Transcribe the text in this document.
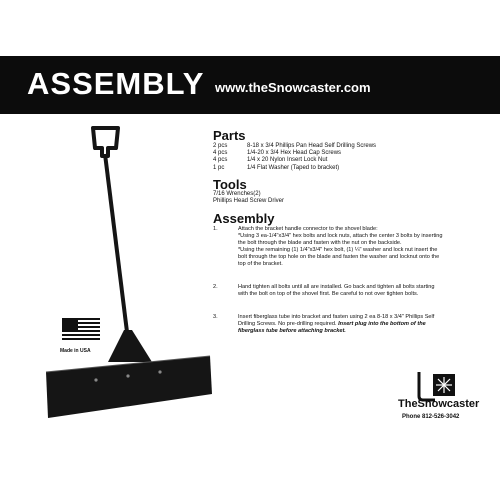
ASSEMBLY www.theSnowcaster.com
Made in USA
Parts
2 pcs	8-18 x 3/4 Phillips Pan Head Self Drilling Screws
4 pcs	1/4-20 x 3/4 Hex Head Cap Screws
4 pcs	1/4 x 20 Nylon Insert Lock Nut
1 pc	1/4 Flat Washer (Taped to bracket)
Tools
7/16 Wrenches(2)
Phillips Head Screw Driver
Assembly
1.	Attach the bracket handle connector to the shovel blade:

*Using 3 ea-1/4"x3/4" hex bolts and lock nuts, attach the center 3 bolts by inserting the bolt through the blade and fasten with the nut on the backside.

*Using the remaining (1) 1/4"x3/4" hex bolt, (1) ¼" washer and lock nut insert the bolt through the top hole on the blade and fasten the washer and locknut onto the top of the bracket.

2.	Hand tighten all bolts until all are installed. Go back and tighten all bolts starting with the bolt on top of the shovel first. Be careful to not over tighten bolts.

3.	Insert fiberglass tube into bracket and fasten using 2 ea 8-18 x 3/4" Phillips Self Drilling Screws. No pre-drilling required. Insert plug into the bottom of the fiberglass tube before attaching bracket.

TheSnowcaster
Phone 812-526-3042
